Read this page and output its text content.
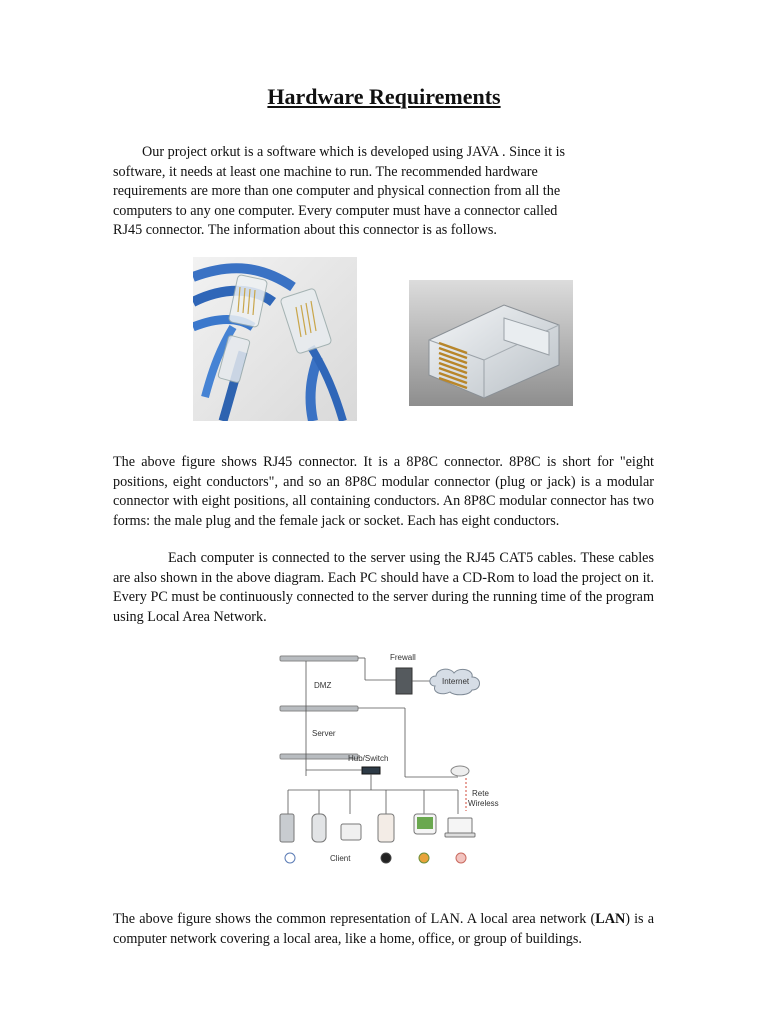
Hardware Requirements
Our project orkut is a software which is developed using JAVA . Since it is
software, it needs at least one machine to run. The recommended hardware
requirements are more than one computer and physical connection from all the
computers to any one computer. Every computer must have a connector called
RJ45 connector. The information about this connector is as follows.

The above figure shows RJ45 connector. It is a 8P8C connector. 8P8C is short for "eight positions, eight conductors", and so an 8P8C modular connector (plug or jack) is a modular connector with eight positions, all containing conductors. An 8P8C modular connector has two forms: the male plug and the female jack or socket. Each has eight conductors.

Each computer is connected to the server using the RJ45 CAT5 cables. These cables are also shown in the above diagram. Each PC should have a CD-Rom to load the project on it. Every PC must be continuously connected to the server during the running time of the program using Local Area Network.

Frewall
Internet
DMZ
Server
Hub/Switch
Rete
Wireless
Client

The above figure shows the common representation of LAN. A local area network (LAN) is a computer network covering a local area, like a home, office, or group of buildings.
